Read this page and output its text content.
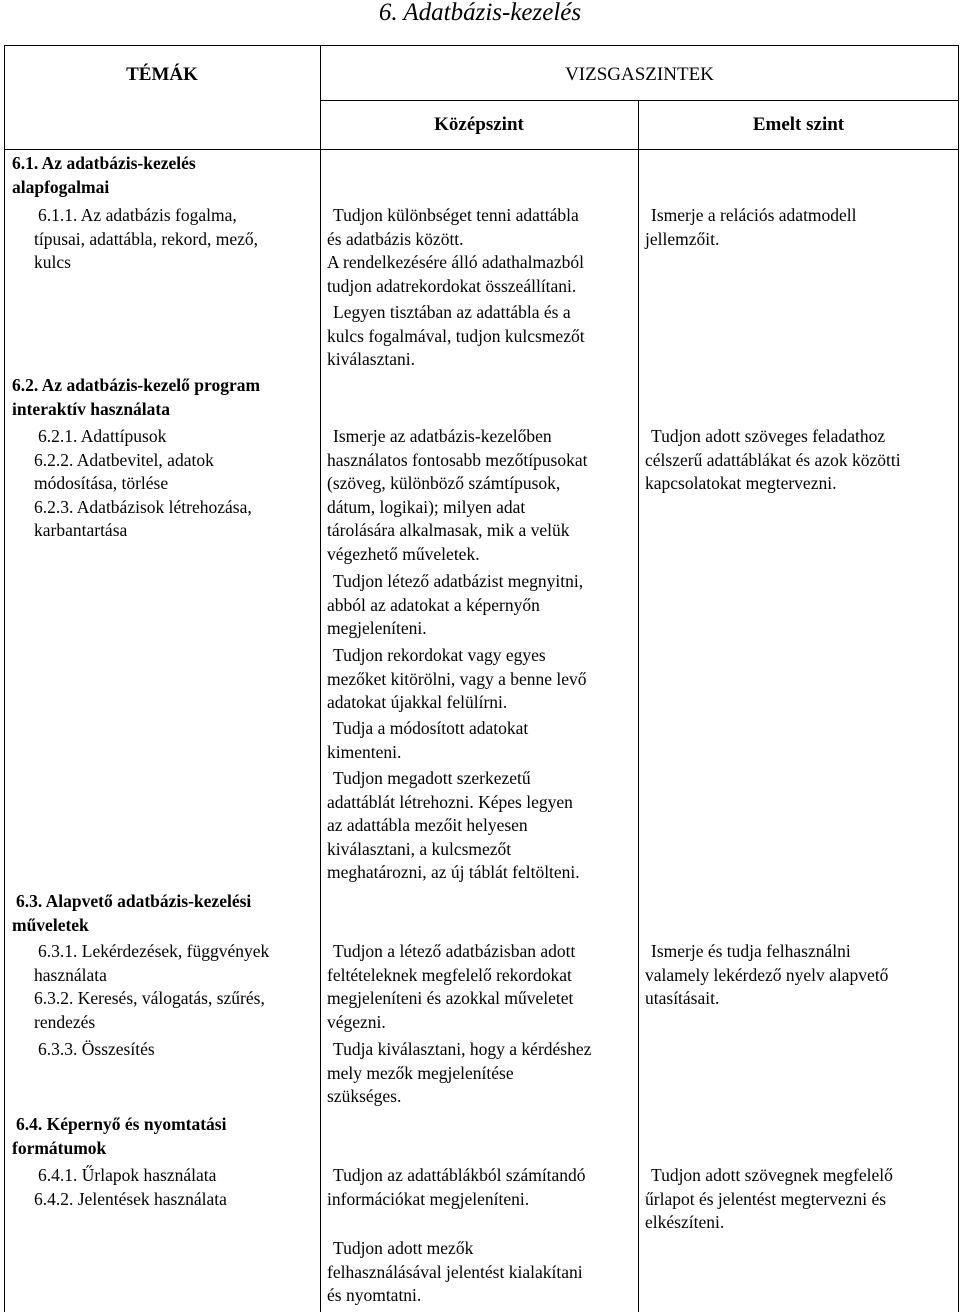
6. Adatbázis-kezelés
TÉMÁK	VIZSGASZINTEK
Középszint	Emelt szint
6.1. Az adatbázis-kezelés
alapfogalmai
6.1.1. Az adatbázis fogalma,
típusai, adattábla, rekord, mező,
kulcs
6.2. Az adatbázis-kezelő program
interaktív használata
6.2.1. Adattípusok
6.2.2. Adatbevitel, adatok
módosítása, törlése
6.2.3. Adatbázisok létrehozása,
karbantartása
6.3. Alapvető adatbázis-kezelési
műveletek
6.3.1. Lekérdezések, függvények
használata
6.3.2. Keresés, válogatás, szűrés,
rendezés
6.3.3. Összesítés
6.4. Képernyő és nyomtatási
formátumok
6.4.1. Űrlapok használata
6.4.2. Jelentések használata
Tudjon különbséget tenni adattábla
és adatbázis között.
A rendelkezésére álló adathalmazból
tudjon adatrekordokat összeállítani.
Legyen tisztában az adattábla és a
kulcs fogalmával, tudjon kulcsmezőt
kiválasztani.
Ismerje az adatbázis-kezelőben
használatos fontosabb mezőtípusokat
(szöveg, különböző számtípusok,
dátum, logikai); milyen adat
tárolására alkalmasak, mik a velük
végezhető műveletek.
Tudjon létező adatbázist megnyitni,
abból az adatokat a képernyőn
megjeleníteni.
Tudjon rekordokat vagy egyes
mezőket kitörölni, vagy a benne levő
adatokat újakkal felülírni.
Tudja a módosított adatokat
kimenteni.
Tudjon megadott szerkezetű
adattáblát létrehozni. Képes legyen
az adattábla mezőit helyesen
kiválasztani, a kulcsmezőt
meghatározni, az új táblát feltölteni.
Tudjon a létező adatbázisban adott
feltételeknek megfelelő rekordokat
megjeleníteni és azokkal műveletet
végezni.
Tudja kiválasztani, hogy a kérdéshez
mely mezők megjelenítése
szükséges.
Tudjon az adattáblákból számítandó
információkat megjeleníteni.
Tudjon adott mezők
felhasználásával jelentést kialakítani
és nyomtatni.
Ismerje a relációs adatmodell
jellemzőit.
Tudjon adott szöveges feladathoz
célszerű adattáblákat és azok közötti
kapcsolatokat megtervezni.
Ismerje és tudja felhasználni
valamely lekérdező nyelv alapvető
utasításait.
Tudjon adott szövegnek megfelelő
űrlapot és jelentést megtervezni és
elkészíteni.
